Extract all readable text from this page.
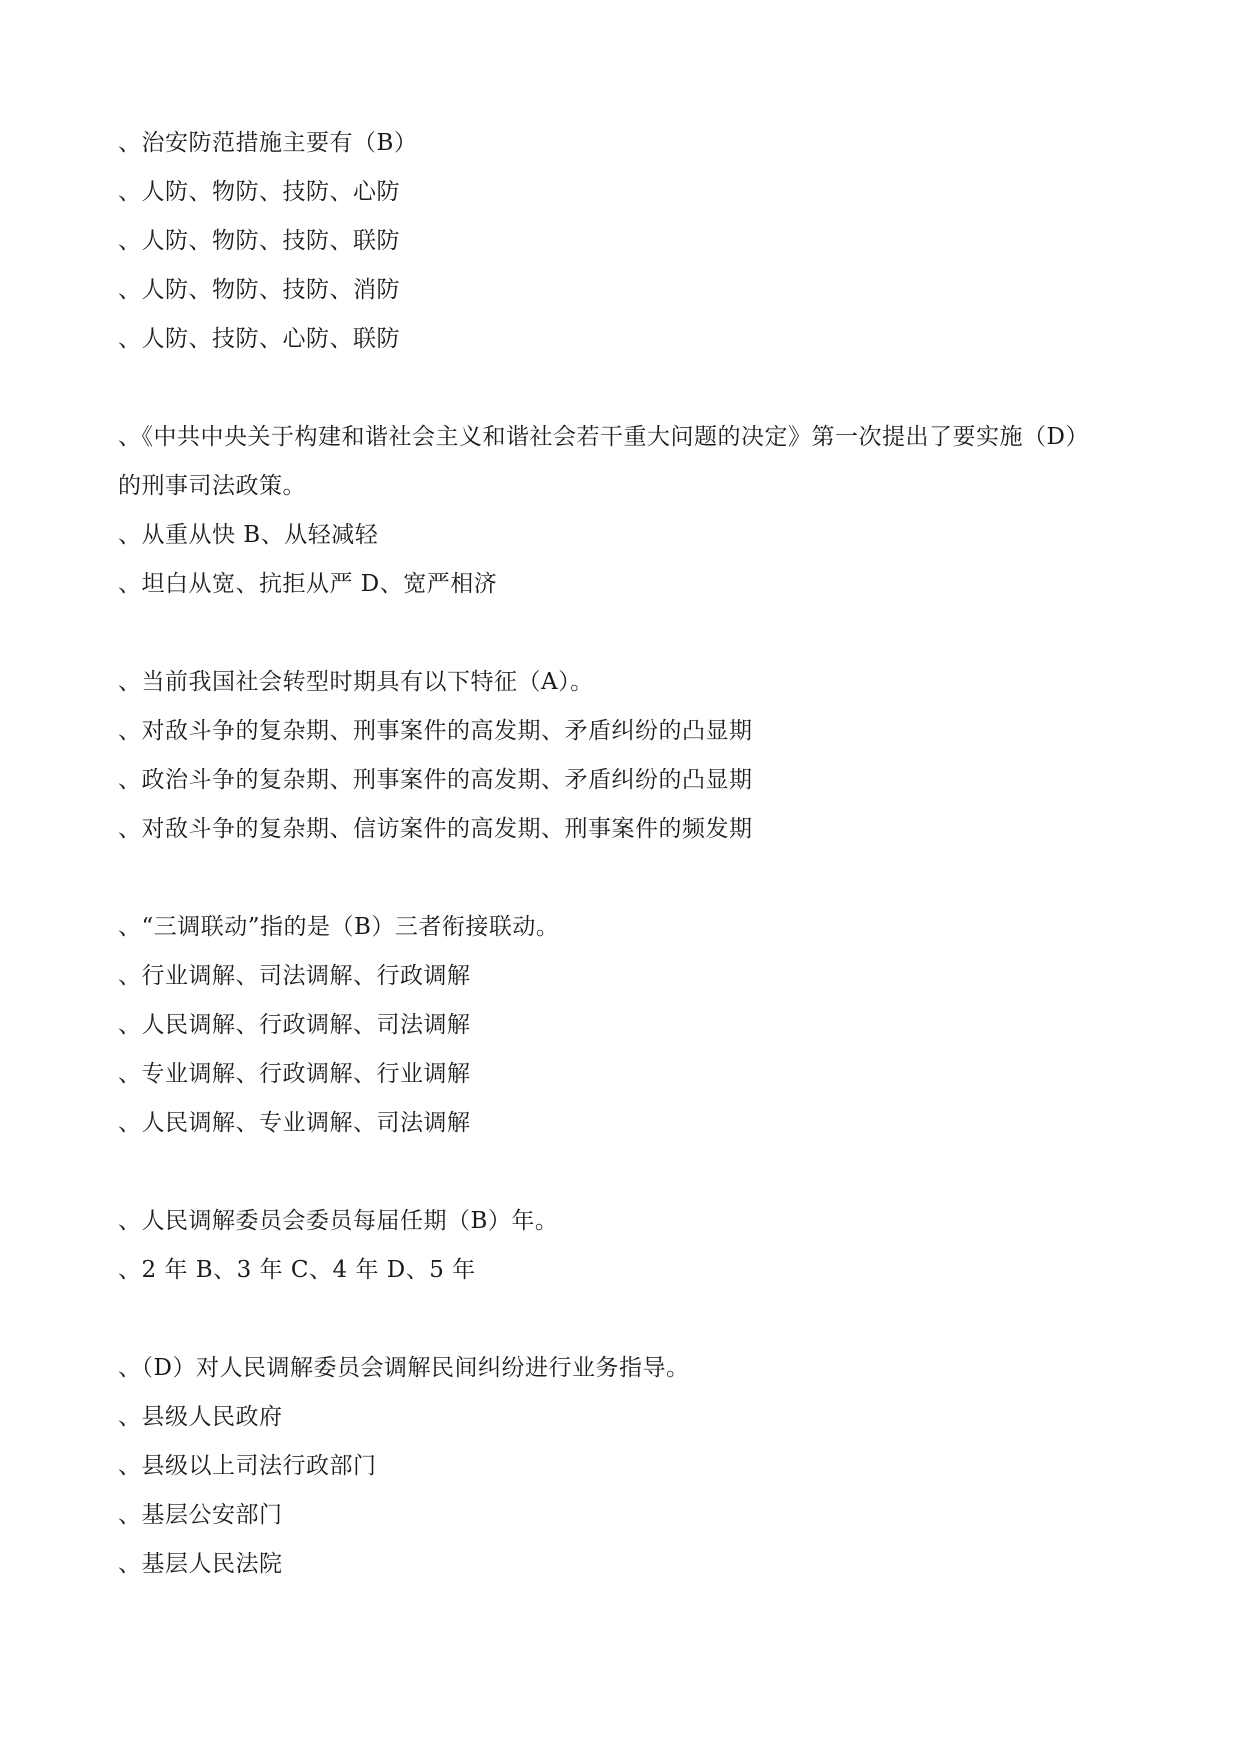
、治安防范措施主要有（B）
、人防、物防、技防、心防
、人防、物防、技防、联防
、人防、物防、技防、消防
、人防、技防、心防、联防
、《中共中央关于构建和谐社会主义和谐社会若干重大问题的决定》第一次提出了要实施（D）
的刑事司法政策。
、从重从快 B、从轻减轻
、坦白从宽、抗拒从严 D、宽严相济
、当前我国社会转型时期具有以下特征（A）。
、对敌斗争的复杂期、刑事案件的高发期、矛盾纠纷的凸显期
、政治斗争的复杂期、刑事案件的高发期、矛盾纠纷的凸显期
、对敌斗争的复杂期、信访案件的高发期、刑事案件的频发期
、“三调联动”指的是（B）三者衔接联动。
、行业调解、司法调解、行政调解
、人民调解、行政调解、司法调解
、专业调解、行政调解、行业调解
、人民调解、专业调解、司法调解
、人民调解委员会委员每届任期（B）年。
、2 年 B、3 年 C、4 年 D、5 年
、（D）对人民调解委员会调解民间纠纷进行业务指导。
、县级人民政府
、县级以上司法行政部门
、基层公安部门
、基层人民法院
